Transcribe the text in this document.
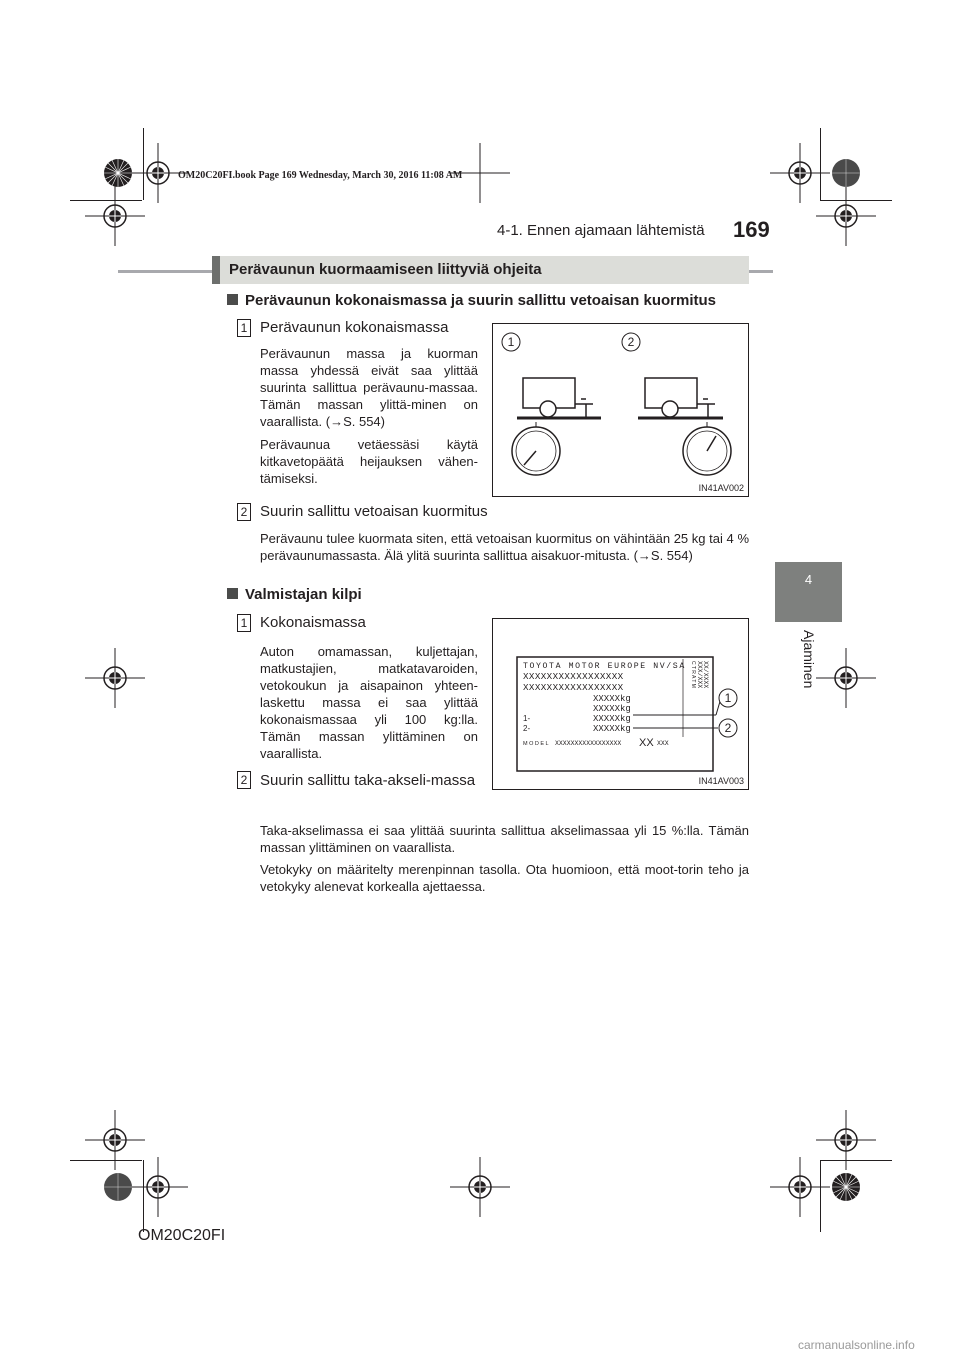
OM20C20FI.book Page 169 Wednesday, March 30, 2016 11:08 AM
4-1. Ennen ajamaan lähtemistä 169
4
Ajaminen
Perävaunun kuormaamiseen liittyviä ohjeita
Perävaunun kokonaismassa ja suurin sallittu vetoaisan kuormitus
1 Perävaunun kokonaismassa
Perävaunun massa ja kuorman massa yhdessä eivät saa ylittää suurinta sallittua perävaunu-massaa. Tämän massan ylittä-minen on vaarallista. (→S. 554)
Perävaunua vetäessäsi käytä kitkavetopäätä heijauksen vähen-tämiseksi.
1	2
IN41AV002
2 Suurin sallittu vetoaisan kuormitus
Perävaunu tulee kuormata siten, että vetoaisan kuormitus on vähintään 25 kg tai 4 % perävaunumassasta. Älä ylitä suurinta sallittua aisakuor-mitusta. (→S. 554)
Valmistajan kilpi
1 Kokonaismassa
Auton omamassan, kuljettajan, matkustajien, matkatavaroiden, vetokoukun ja aisapainon yhteen-laskettu massa ei saa ylittää kokonaismassaa yli 100 kg:lla. Tämän massan ylittäminen on vaarallista.
TOYOTA MOTOR EUROPE NV/SA
XXXXXXXXXXXXXXXXX
XXXXXXXXXXXXXXXXX
XXXXXkg
XXXXXkg
1-	XXXXXkg
2-	XXXXXkg
MODEL XXXXXXXXXXXXXXXXX XX XXX
C T R A T M XXX/XXX XX/XXXX
1
2
IN41AV003
2 Suurin sallittu taka-akseli-massa
Taka-akselimassa ei saa ylittää suurinta sallittua akselimassaa yli 15 %:lla. Tämän massan ylittäminen on vaarallista.
Vetokyky on määritelty merenpinnan tasolla. Ota huomioon, että moot-torin teho ja vetokyky alenevat korkealla ajettaessa.
OM20C20FI
carmanualsonline.info
